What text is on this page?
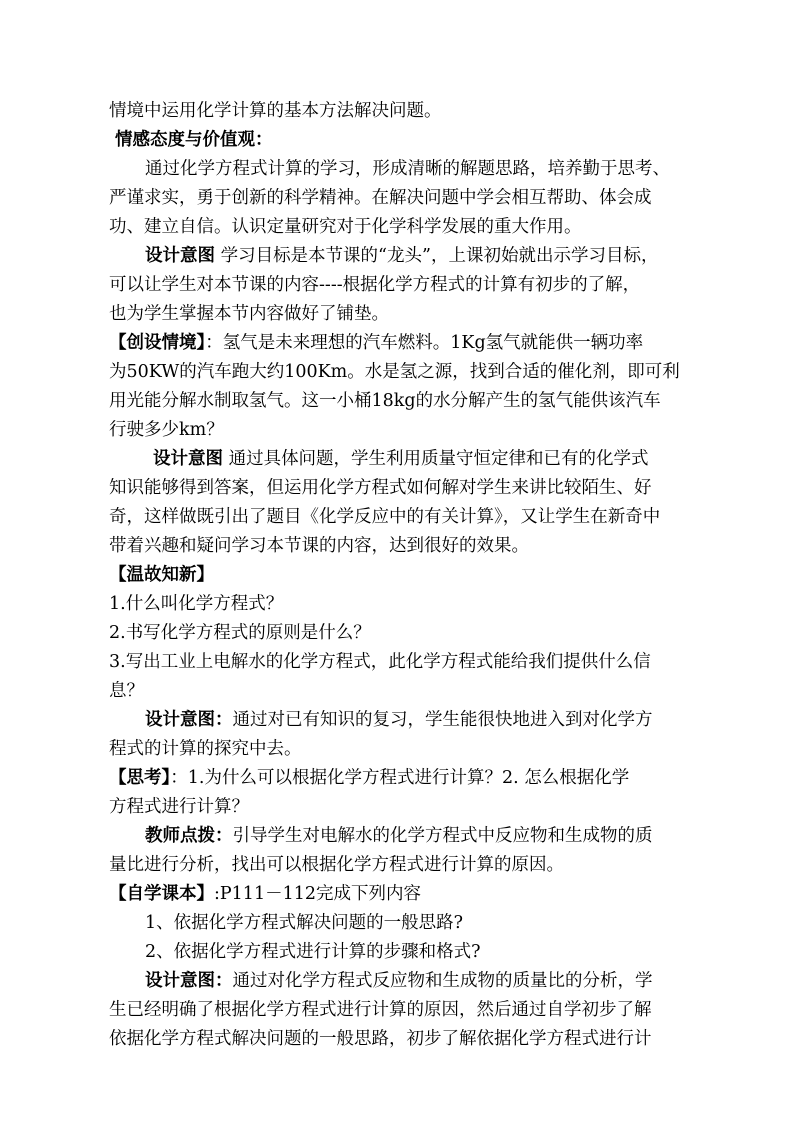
情境中运用化学计算的基本方法解决问题。
情感态度与价值观：
通过化学方程式计算的学习，形成清晰的解题思路，培养勤于思考、
严谨求实，勇于创新的科学精神。在解决问题中学会相互帮助、体会成
功、建立自信。认识定量研究对于化学科学发展的重大作用。
设计意图 学习目标是本节课的“龙头”，上课初始就出示学习目标，
可以让学生对本节课的内容----根据化学方程式的计算有初步的了解，
也为学生掌握本节内容做好了铺垫。
【创设情境】：氢气是未来理想的汽车燃料。1Kg氢气就能供一辆功率
为50KW的汽车跑大约100Km。水是氢之源，找到合适的催化剂，即可利
用光能分解水制取氢气。这一小桶18kg的水分解产生的氢气能供该汽车
行驶多少km？
设计意图 通过具体问题，学生利用质量守恒定律和已有的化学式
知识能够得到答案，但运用化学方程式如何解对学生来讲比较陌生、好
奇，这样做既引出了题目《化学反应中的有关计算》，又让学生在新奇中
带着兴趣和疑问学习本节课的内容，达到很好的效果。
【温故知新】
1.什么叫化学方程式？
2.书写化学方程式的原则是什么？
3.写出工业上电解水的化学方程式，此化学方程式能给我们提供什么信
息？
设计意图：通过对已有知识的复习，学生能很快地进入到对化学方
程式的计算的探究中去。
【思考】：1.为什么可以根据化学方程式进行计算？2. 怎么根据化学
方程式进行计算？
教师点拨：引导学生对电解水的化学方程式中反应物和生成物的质
量比进行分析，找出可以根据化学方程式进行计算的原因。
【自学课本】:P111－112完成下列内容
1、依据化学方程式解决问题的一般思路?
2、依据化学方程式进行计算的步骤和格式?
设计意图：通过对化学方程式反应物和生成物的质量比的分析，学
生已经明确了根据化学方程式进行计算的原因，然后通过自学初步了解
依据化学方程式解决问题的一般思路，初步了解依据化学方程式进行计
